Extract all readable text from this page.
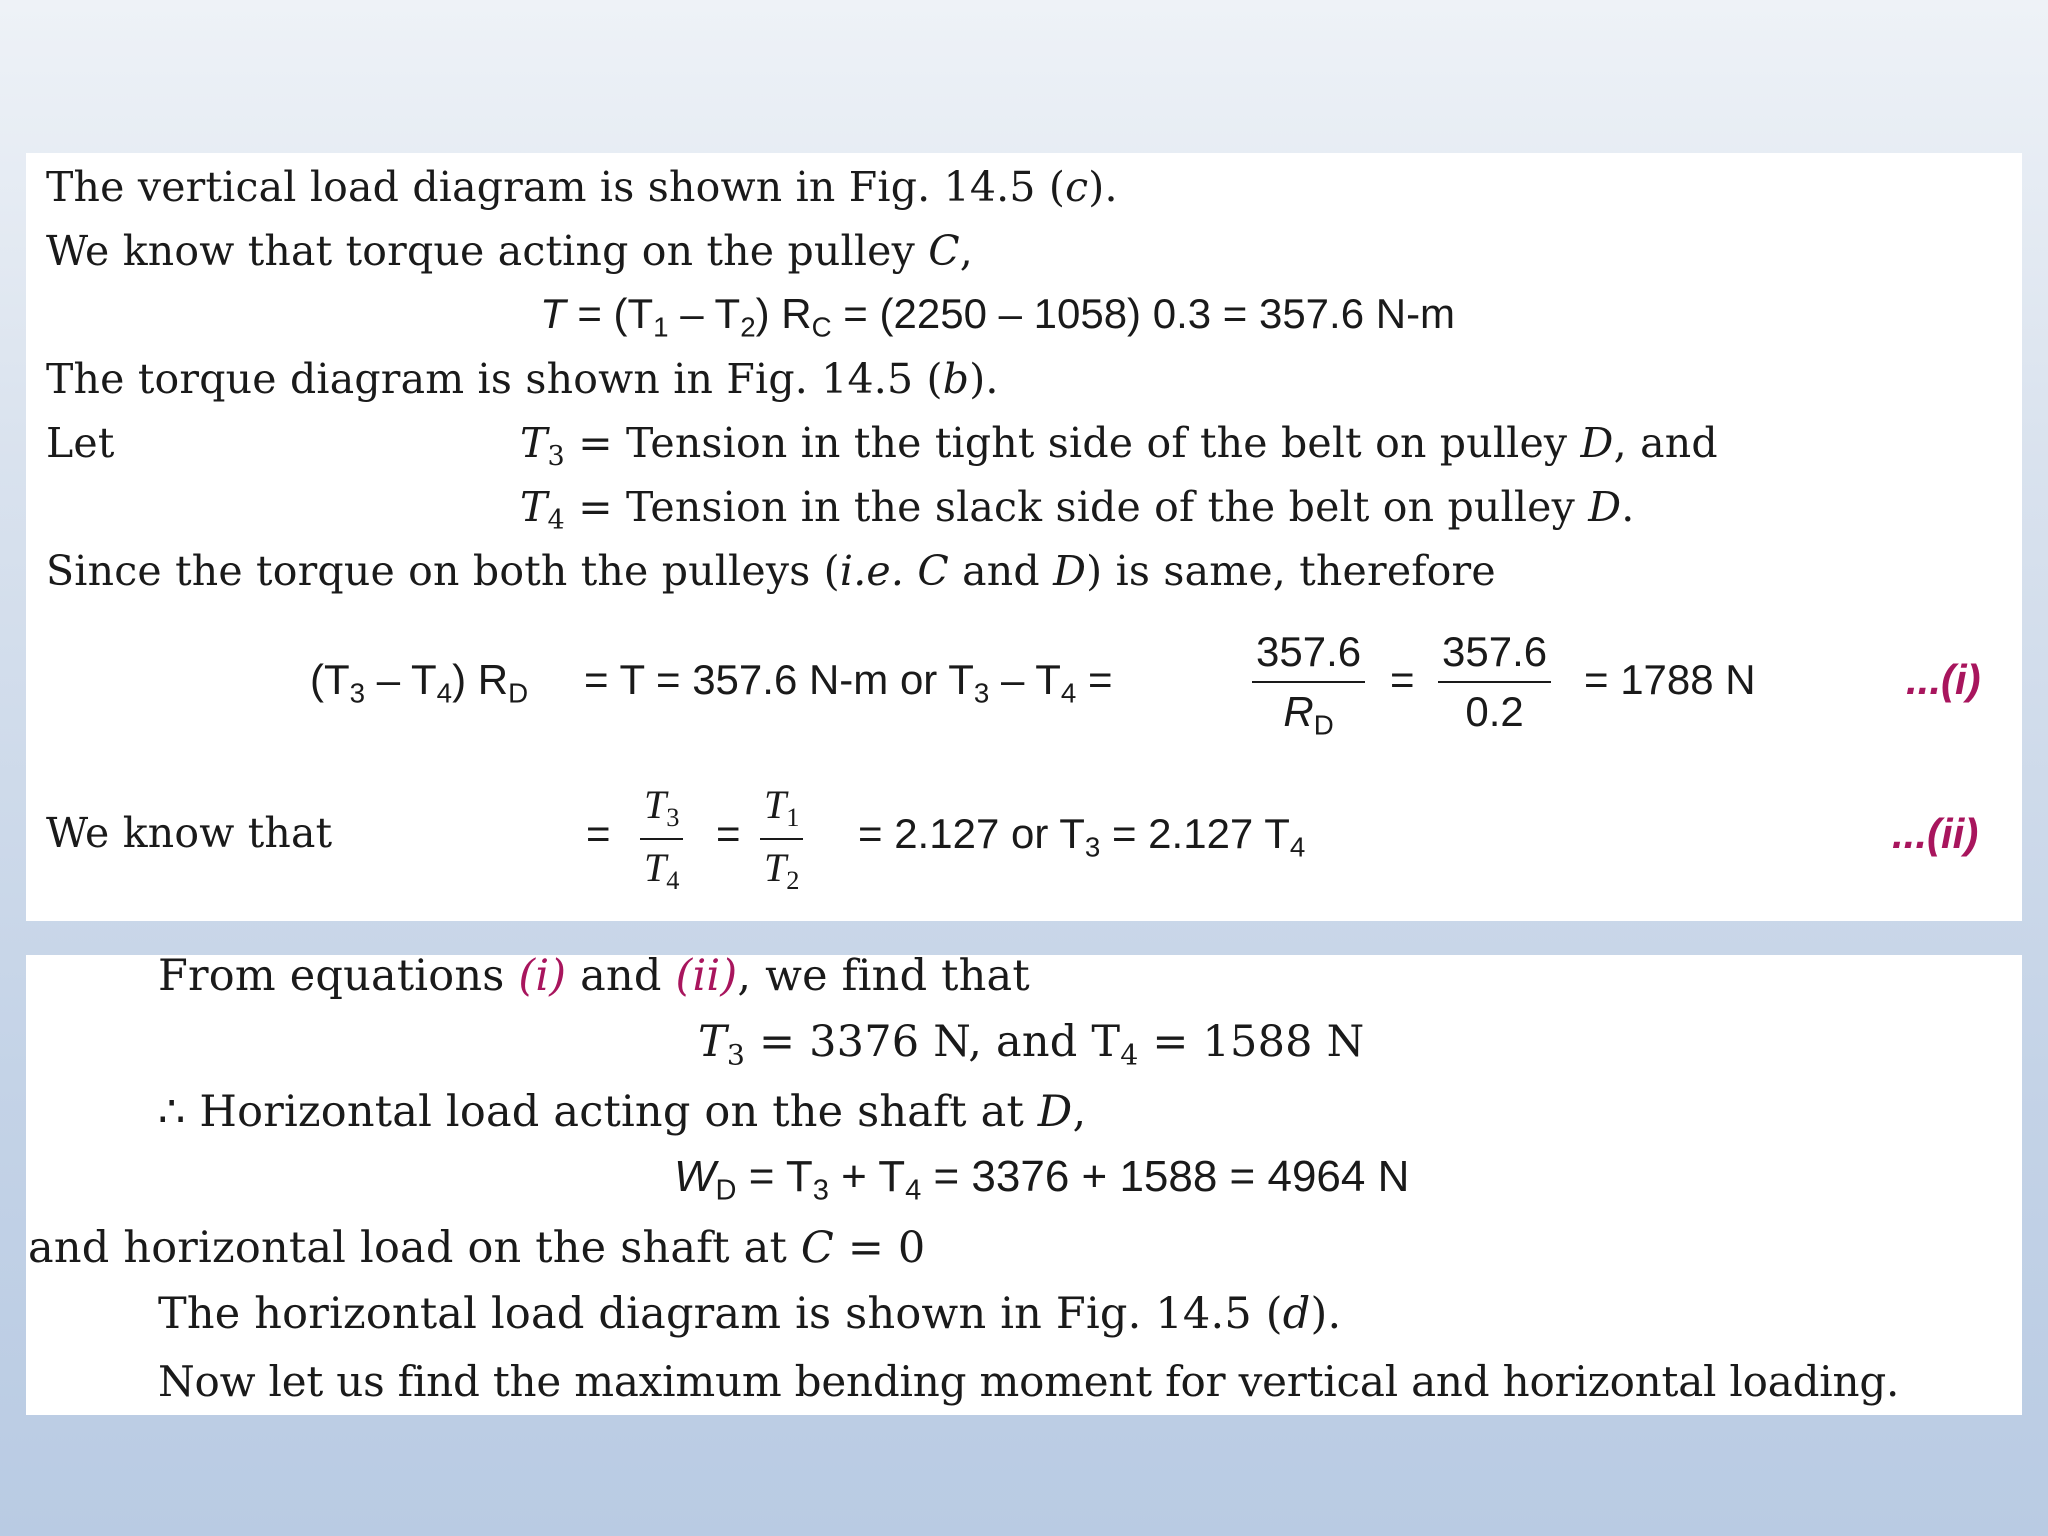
The vertical load diagram is shown in Fig. 14.5 (c).
We know that torque acting on the pulley C,
$T = (T_1 - T_2) R_C = (2250 - 1058) 0.3 = 357.6$ N-m
The torque diagram is shown in Fig. 14.5 (b).
Let	$T_3$ = Tension in the tight side of the belt on pulley D, and
$T_4$ = Tension in the slack side of the belt on pulley D.
Since the torque on both the pulleys (i.e. C and D) is same, therefore
$(T_3 - T_4) R_D = T = 357.6$ N-m or $T_3 - T_4$ =	$\frac{357.6}{R_D} = \frac{357.6}{0.2} = 1788$ N	...(i)
We know that	= $\frac{T_3}{T_4} = \frac{T_1}{T_2} = 2.127$ or $T_3 = 2.127$ $T_4$	...(ii)
From equations (i) and (ii), we find that
$T_3 = 3376$ N, and $T_4 = 1588$ N
∴ Horizontal load acting on the shaft at D,
$W_D = T_3 + T_4 = 3376 + 1588 = 4964$ N
and horizontal load on the shaft at C = 0
The horizontal load diagram is shown in Fig. 14.5 (d).
Now let us find the maximum bending moment for vertical and horizontal loading.
